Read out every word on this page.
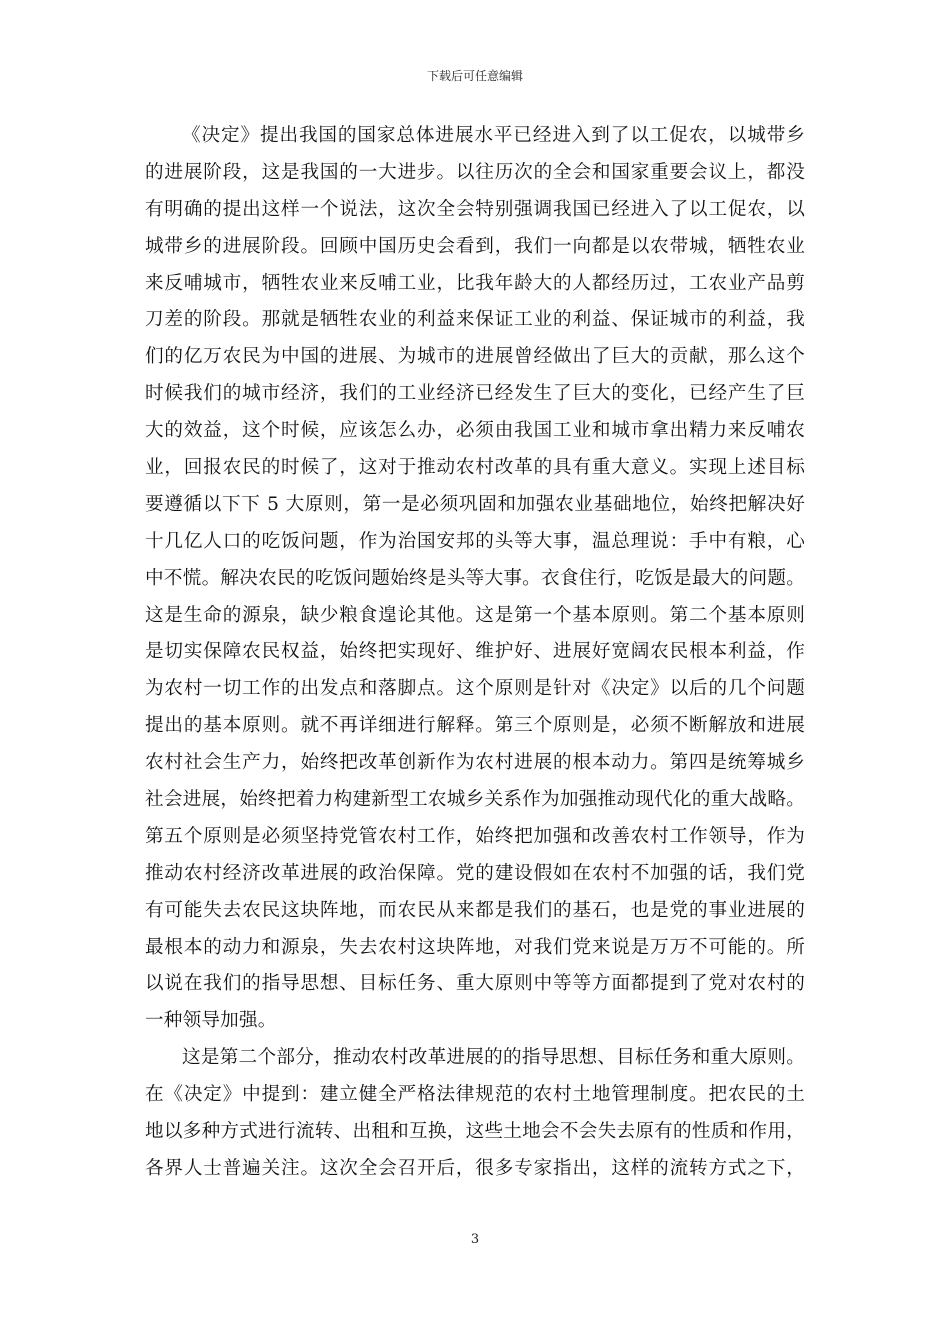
下载后可任意编辑
《决定》提出我国的国家总体进展水平已经进入到了以工促农，以城带乡
的进展阶段，这是我国的一大进步。以往历次的全会和国家重要会议上，都没
有明确的提出这样一个说法，这次全会特别强调我国已经进入了以工促农，以
城带乡的进展阶段。回顾中国历史会看到，我们一向都是以农带城，牺牲农业
来反哺城市，牺牲农业来反哺工业，比我年龄大的人都经历过，工农业产品剪
刀差的阶段。那就是牺牲农业的利益来保证工业的利益、保证城市的利益，我
们的亿万农民为中国的进展、为城市的进展曾经做出了巨大的贡献，那么这个
时候我们的城市经济，我们的工业经济已经发生了巨大的变化，已经产生了巨
大的效益，这个时候，应该怎么办，必须由我国工业和城市拿出精力来反哺农
业，回报农民的时候了，这对于推动农村改革的具有重大意义。实现上述目标
要遵循以下下 5 大原则，第一是必须巩固和加强农业基础地位，始终把解决好
十几亿人口的吃饭问题，作为治国安邦的头等大事，温总理说：手中有粮，心
中不慌。解决农民的吃饭问题始终是头等大事。衣食住行，吃饭是最大的问题。
这是生命的源泉，缺少粮食遑论其他。这是第一个基本原则。第二个基本原则
是切实保障农民权益，始终把实现好、维护好、进展好宽阔农民根本利益，作
为农村一切工作的出发点和落脚点。这个原则是针对《决定》以后的几个问题
提出的基本原则。就不再详细进行解释。第三个原则是，必须不断解放和进展
农村社会生产力，始终把改革创新作为农村进展的根本动力。第四是统筹城乡
社会进展，始终把着力构建新型工农城乡关系作为加强推动现代化的重大战略。
第五个原则是必须坚持党管农村工作，始终把加强和改善农村工作领导，作为
推动农村经济改革进展的政治保障。党的建设假如在农村不加强的话，我们党
有可能失去农民这块阵地，而农民从来都是我们的基石，也是党的事业进展的
最根本的动力和源泉，失去农村这块阵地，对我们党来说是万万不可能的。所
以说在我们的指导思想、目标任务、重大原则中等等方面都提到了党对农村的
一种领导加强。
这是第二个部分，推动农村改革进展的的指导思想、目标任务和重大原则。
在《决定》中提到：建立健全严格法律规范的农村土地管理制度。把农民的土
地以多种方式进行流转、出租和互换，这些土地会不会失去原有的性质和作用，
各界人士普遍关注。这次全会召开后，很多专家指出，这样的流转方式之下，
3
